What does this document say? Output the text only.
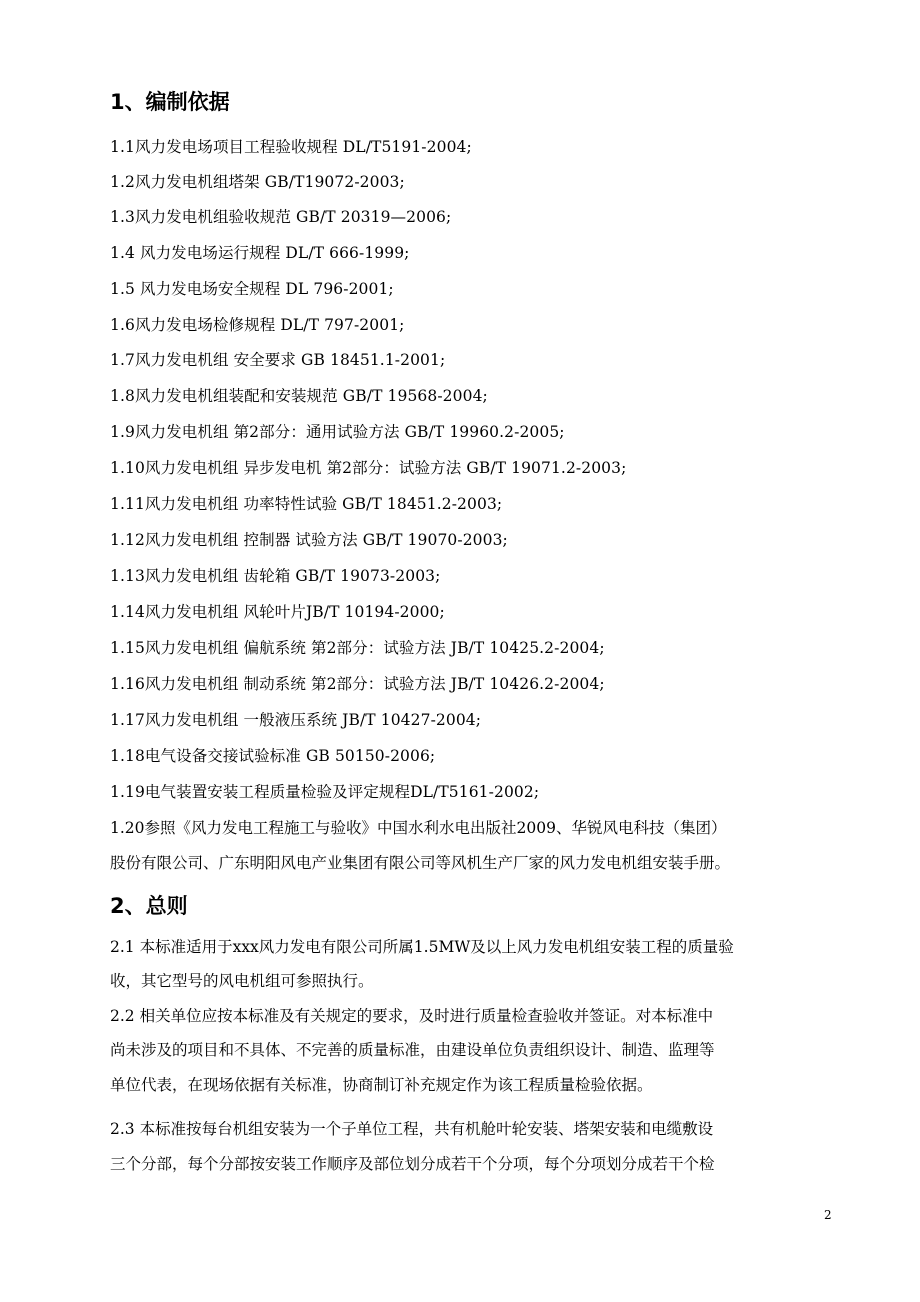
1、编制依据
1.1风力发电场项目工程验收规程 DL/T5191-2004;
1.2风力发电机组塔架 GB/T19072-2003;
1.3风力发电机组验收规范 GB/T 20319—2006;
1.4 风力发电场运行规程 DL/T 666-1999;
1.5 风力发电场安全规程 DL 796-2001;
1.6风力发电场检修规程 DL/T 797-2001;
1.7风力发电机组 安全要求 GB 18451.1-2001;
1.8风力发电机组装配和安装规范 GB/T 19568-2004;
1.9风力发电机组 第2部分：通用试验方法 GB/T 19960.2-2005;
1.10风力发电机组 异步发电机 第2部分：试验方法 GB/T 19071.2-2003;
1.11风力发电机组 功率特性试验 GB/T 18451.2-2003;
1.12风力发电机组 控制器 试验方法 GB/T 19070-2003;
1.13风力发电机组 齿轮箱 GB/T 19073-2003;
1.14风力发电机组 风轮叶片JB/T 10194-2000;
1.15风力发电机组 偏航系统 第2部分：试验方法 JB/T 10425.2-2004;
1.16风力发电机组 制动系统 第2部分：试验方法 JB/T 10426.2-2004;
1.17风力发电机组 一般液压系统 JB/T 10427-2004;
1.18电气设备交接试验标准 GB 50150-2006;
1.19电气装置安装工程质量检验及评定规程DL/T5161-2002;
1.20参照《风力发电工程施工与验收》中国水利水电出版社2009、华锐风电科技（集团）
股份有限公司、广东明阳风电产业集团有限公司等风机生产厂家的风力发电机组安装手册。
2、总则
2.1 本标准适用于xxx风力发电有限公司所属1.5MW及以上风力发电机组安装工程的质量验
收，其它型号的风电机组可参照执行。
2.2 相关单位应按本标准及有关规定的要求，及时进行质量检查验收并签证。对本标准中
尚未涉及的项目和不具体、不完善的质量标准，由建设单位负责组织设计、制造、监理等
单位代表，在现场依据有关标准，协商制订补充规定作为该工程质量检验依据。
2.3 本标准按每台机组安装为一个子单位工程，共有机舱叶轮安装、塔架安装和电缆敷设
三个分部，每个分部按安装工作顺序及部位划分成若干个分项，每个分项划分成若干个检
2
